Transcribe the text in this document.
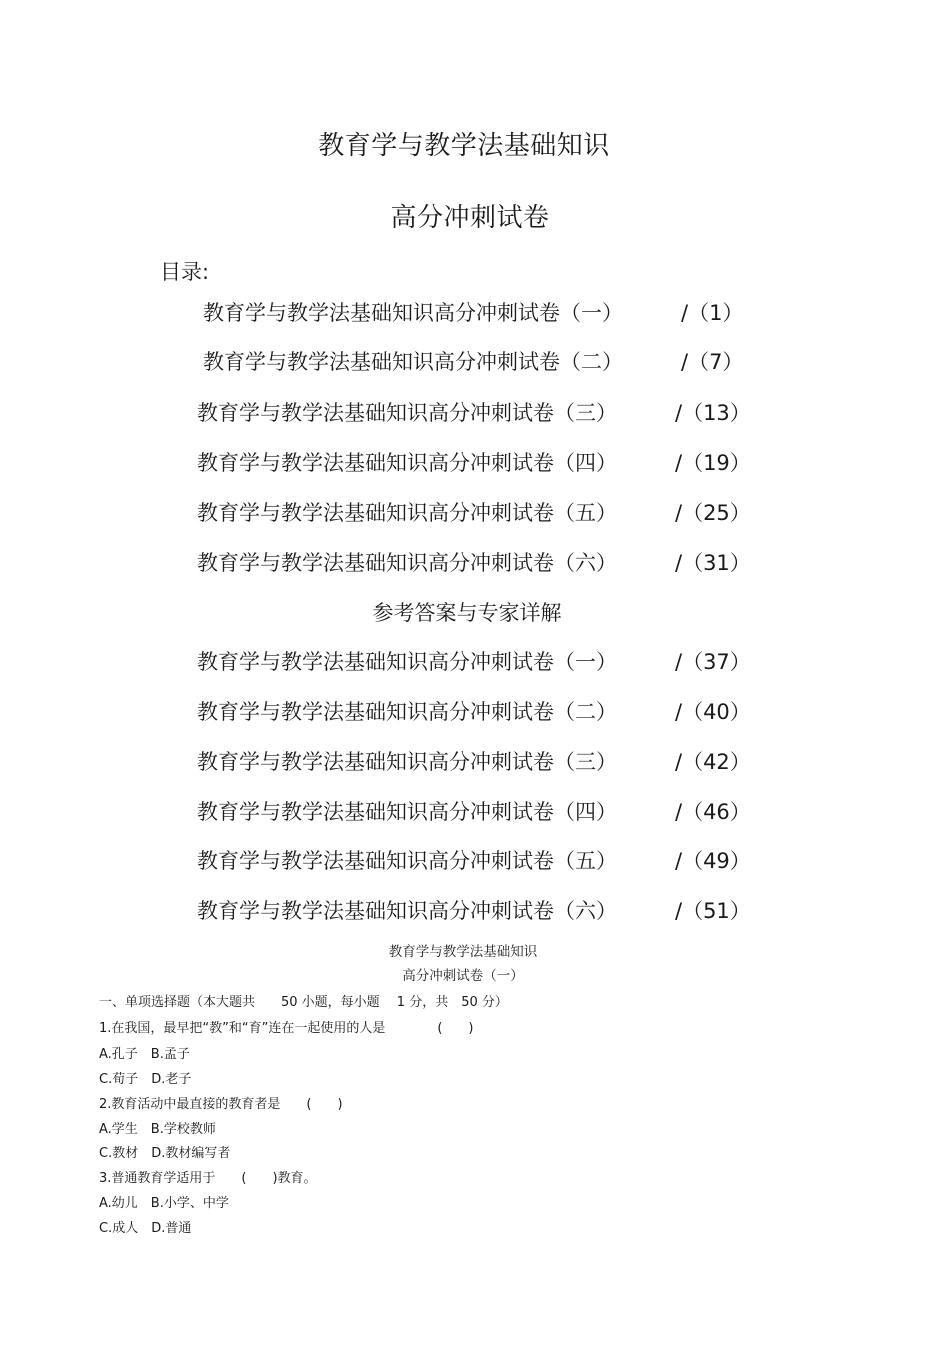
教育学与教学法基础知识
高分冲刺试卷
目录:
教育学与教学法基础知识高分冲刺试卷（一）	/（1）
教育学与教学法基础知识高分冲刺试卷（二）	/（7）
教育学与教学法基础知识高分冲刺试卷（三）	/（13）
教育学与教学法基础知识高分冲刺试卷（四）	/（19）
教育学与教学法基础知识高分冲刺试卷（五）	/（25）
教育学与教学法基础知识高分冲刺试卷（六）	/（31）
参考答案与专家详解
教育学与教学法基础知识高分冲刺试卷（一）	/（37）
教育学与教学法基础知识高分冲刺试卷（二）	/（40）
教育学与教学法基础知识高分冲刺试卷（三）	/（42）
教育学与教学法基础知识高分冲刺试卷（四）	/（46）
教育学与教学法基础知识高分冲刺试卷（五）	/（49）
教育学与教学法基础知识高分冲刺试卷（六）	/（51）
教育学与教学法基础知识
高分冲刺试卷（一）
一、单项选择题（本大题共　　50 小题，每小题　 1 分，共　50 分）
1.在我国，最早把“教”和“育”连在一起使用的人是　　　　(　　)
A.孔子　B.孟子
C.荀子　D.老子
2.教育活动中最直接的教育者是　　(　　)
A.学生　B.学校教师
C.教材　D.教材编写者
3.普通教育学适用于　　(　　)教育。
A.幼儿　B.小学、中学
C.成人　D.普通
